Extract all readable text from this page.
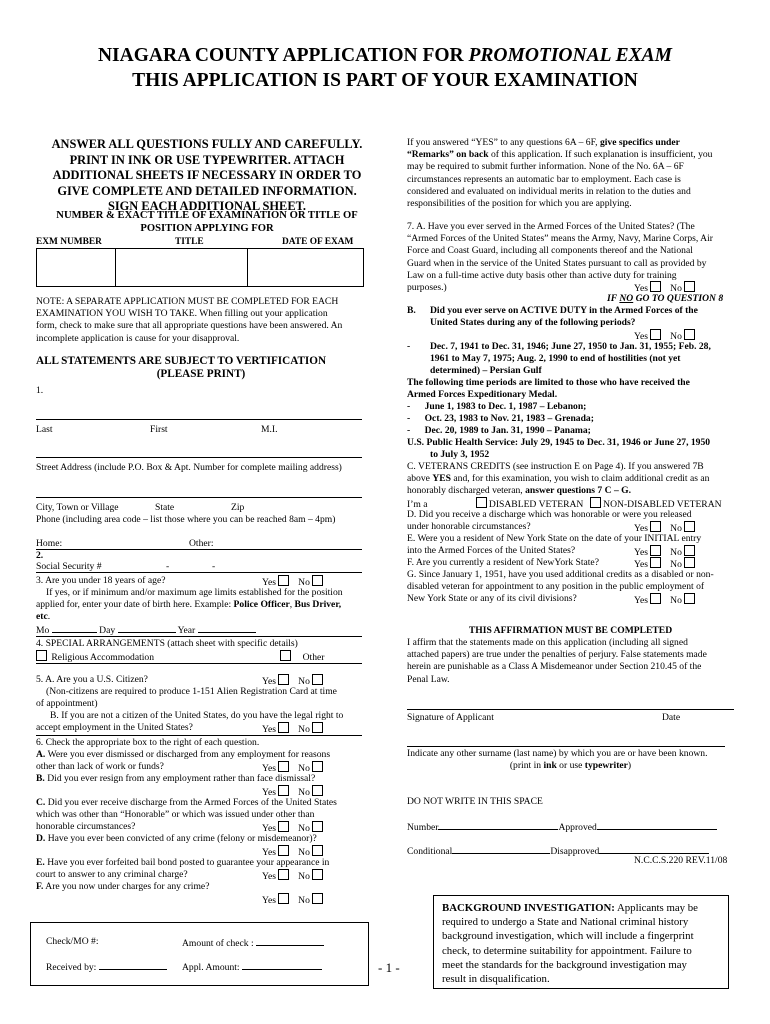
NIAGARA COUNTY APPLICATION FOR PROMOTIONAL EXAM
THIS APPLICATION IS PART OF YOUR EXAMINATION
ANSWER ALL QUESTIONS FULLY AND CAREFULLY.
PRINT IN INK OR USE TYPEWRITER. ATTACH
ADDITIONAL SHEETS IF NECESSARY IN ORDER TO
GIVE COMPLETE AND DETAILED INFORMATION.
SIGN EACH ADDITIONAL SHEET.
NUMBER & EXACT TITLE OF EXAMINATION OR TITLE OF
POSITION APPLYING FOR
EXM NUMBER	TITLE	DATE OF EXAM
NOTE: A SEPARATE APPLICATION MUST BE COMPLETED FOR EACH
EXAMINATION YOU WISH TO TAKE. When filling out your application
form, check to make sure that all appropriate questions have been answered. An
incomplete application is cause for your disapproval.
ALL STATEMENTS ARE SUBJECT TO VERTIFICATION
(PLEASE PRINT)
1.
Last	First	M.I.
Street Address (include P.O. Box & Apt. Number for complete mailing address)
City, Town or Village	State	Zip
Phone (including area code – list those where you can be reached 8am – 4pm)
Home:	Other:
2.
Social Security #	-	-
3. Are you under 18 years of age?	Yes No
If yes, or if minimum and/or maximum age limits established for the position
applied for, enter your date of birth here. Example: Police Officer, Bus Driver,
etc.
Mo	Day	Year
4. SPECIAL ARRANGEMENTS (attach sheet with specific details)
Religious Accommodation	Other
5. A. Are you a U.S. Citizen?	Yes No
(Non-citizens are required to produce 1-151 Alien Registration Card at time
of appointment)
B. If you are not a citizen of the United States, do you have the legal right to
accept employment in the United States?	Yes No
6. Check the appropriate box to the right of each question.
A. Were you ever dismissed or discharged from any employment for reasons
other than lack of work or funds?	Yes No
B. Did you ever resign from any employment rather than face dismissal?
Yes No
C. Did you ever receive discharge from the Armed Forces of the United States
which was other than “Honorable” or which was issued under other than
honorable circumstances?	Yes No
D. Have you ever been convicted of any crime (felony or misdemeanor)?
Yes No
E. Have you ever forfeited bail bond posted to guarantee your appearance in
court to answer to any criminal charge?	Yes No
F. Are you now under charges for any crime?
Yes No
Check/MO #:	Amount of check :
Received by:	Appl. Amount:	- 1 -
If you answered “YES” to any questions 6A – 6F, give specifics under
“Remarks” on back of this application. If such explanation is insufficient, you
may be required to submit further information. None of the No. 6A – 6F
circumstances represents an automatic bar to employment. Each case is
considered and evaluated on individual merits in relation to the duties and
responsibilities of the position for which you are applying.
7. A. Have you ever served in the Armed Forces of the United States? (The
“Armed Forces of the United States” means the Army, Navy, Marine Corps, Air
Force and Coast Guard, including all components thereof and the National
Guard when in the service of the United States pursuant to call as provided by
Law on a full-time active duty basis other than active duty for training
purposes.)	Yes No
IF NO GO TO QUESTION 8
B. Did you ever serve on ACTIVE DUTY in the Armed Forces of the
United States during any of the following periods?
Yes No
- Dec. 7, 1941 to Dec. 31, 1946; June 27, 1950 to Jan. 31, 1955; Feb. 28,
1961 to May 7, 1975; Aug. 2, 1990 to end of hostilities (not yet
determined) – Persian Gulf
The following time periods are limited to those who have received the
Armed Forces Expeditionary Medal.
- June 1, 1983 to Dec. 1, 1987 – Lebanon;
- Oct. 23, 1983 to Nov. 21, 1983 – Grenada;
- Dec. 20, 1989 to Jan. 31, 1990 – Panama;
U.S. Public Health Service: July 29, 1945 to Dec. 31, 1946 or June 27, 1950
to July 3, 1952
C. VETERANS CREDITS (see instruction E on Page 4). If you answered 7B
above YES and, for this examination, you wish to claim additional credit as an
honorably discharged veteran, answer questions 7 C – G.
I’m a	DISABLED VETERAN NON-DISABLED VETERAN
D. Did you receive a discharge which was honorable or were you released
under honorable circumstances?	Yes No
E. Were you a resident of New York State on the date of your INITIAL entry
into the Armed Forces of the United States?	Yes No
F. Are you currently a resident of NewYork State?	Yes No
G. Since January 1, 1951, have you used additional credits as a disabled or non-
disabled veteran for appointment to any position in the public employment of
New York State or any of its civil divisions?	Yes No
THIS AFFIRMATION MUST BE COMPLETED
I affirm that the statements made on this application (including all signed
attached papers) are true under the penalties of perjury. False statements made
herein are punishable as a Class A Misdemeanor under Section 210.45 of the
Penal Law.
Signature of Applicant	Date
Indicate any other surname (last name) by which you are or have been known.
(print in ink or use typewriter)
DO NOT WRITE IN THIS SPACE
Number	Approved
Conditional	Disapproved
N.C.C.S.220 REV.11/08
BACKGROUND INVESTIGATION: Applicants may be
required to undergo a State and National criminal history
background investigation, which will include a fingerprint
check, to determine suitability for appointment. Failure to
meet the standards for the background investigation may
result in disqualification.
